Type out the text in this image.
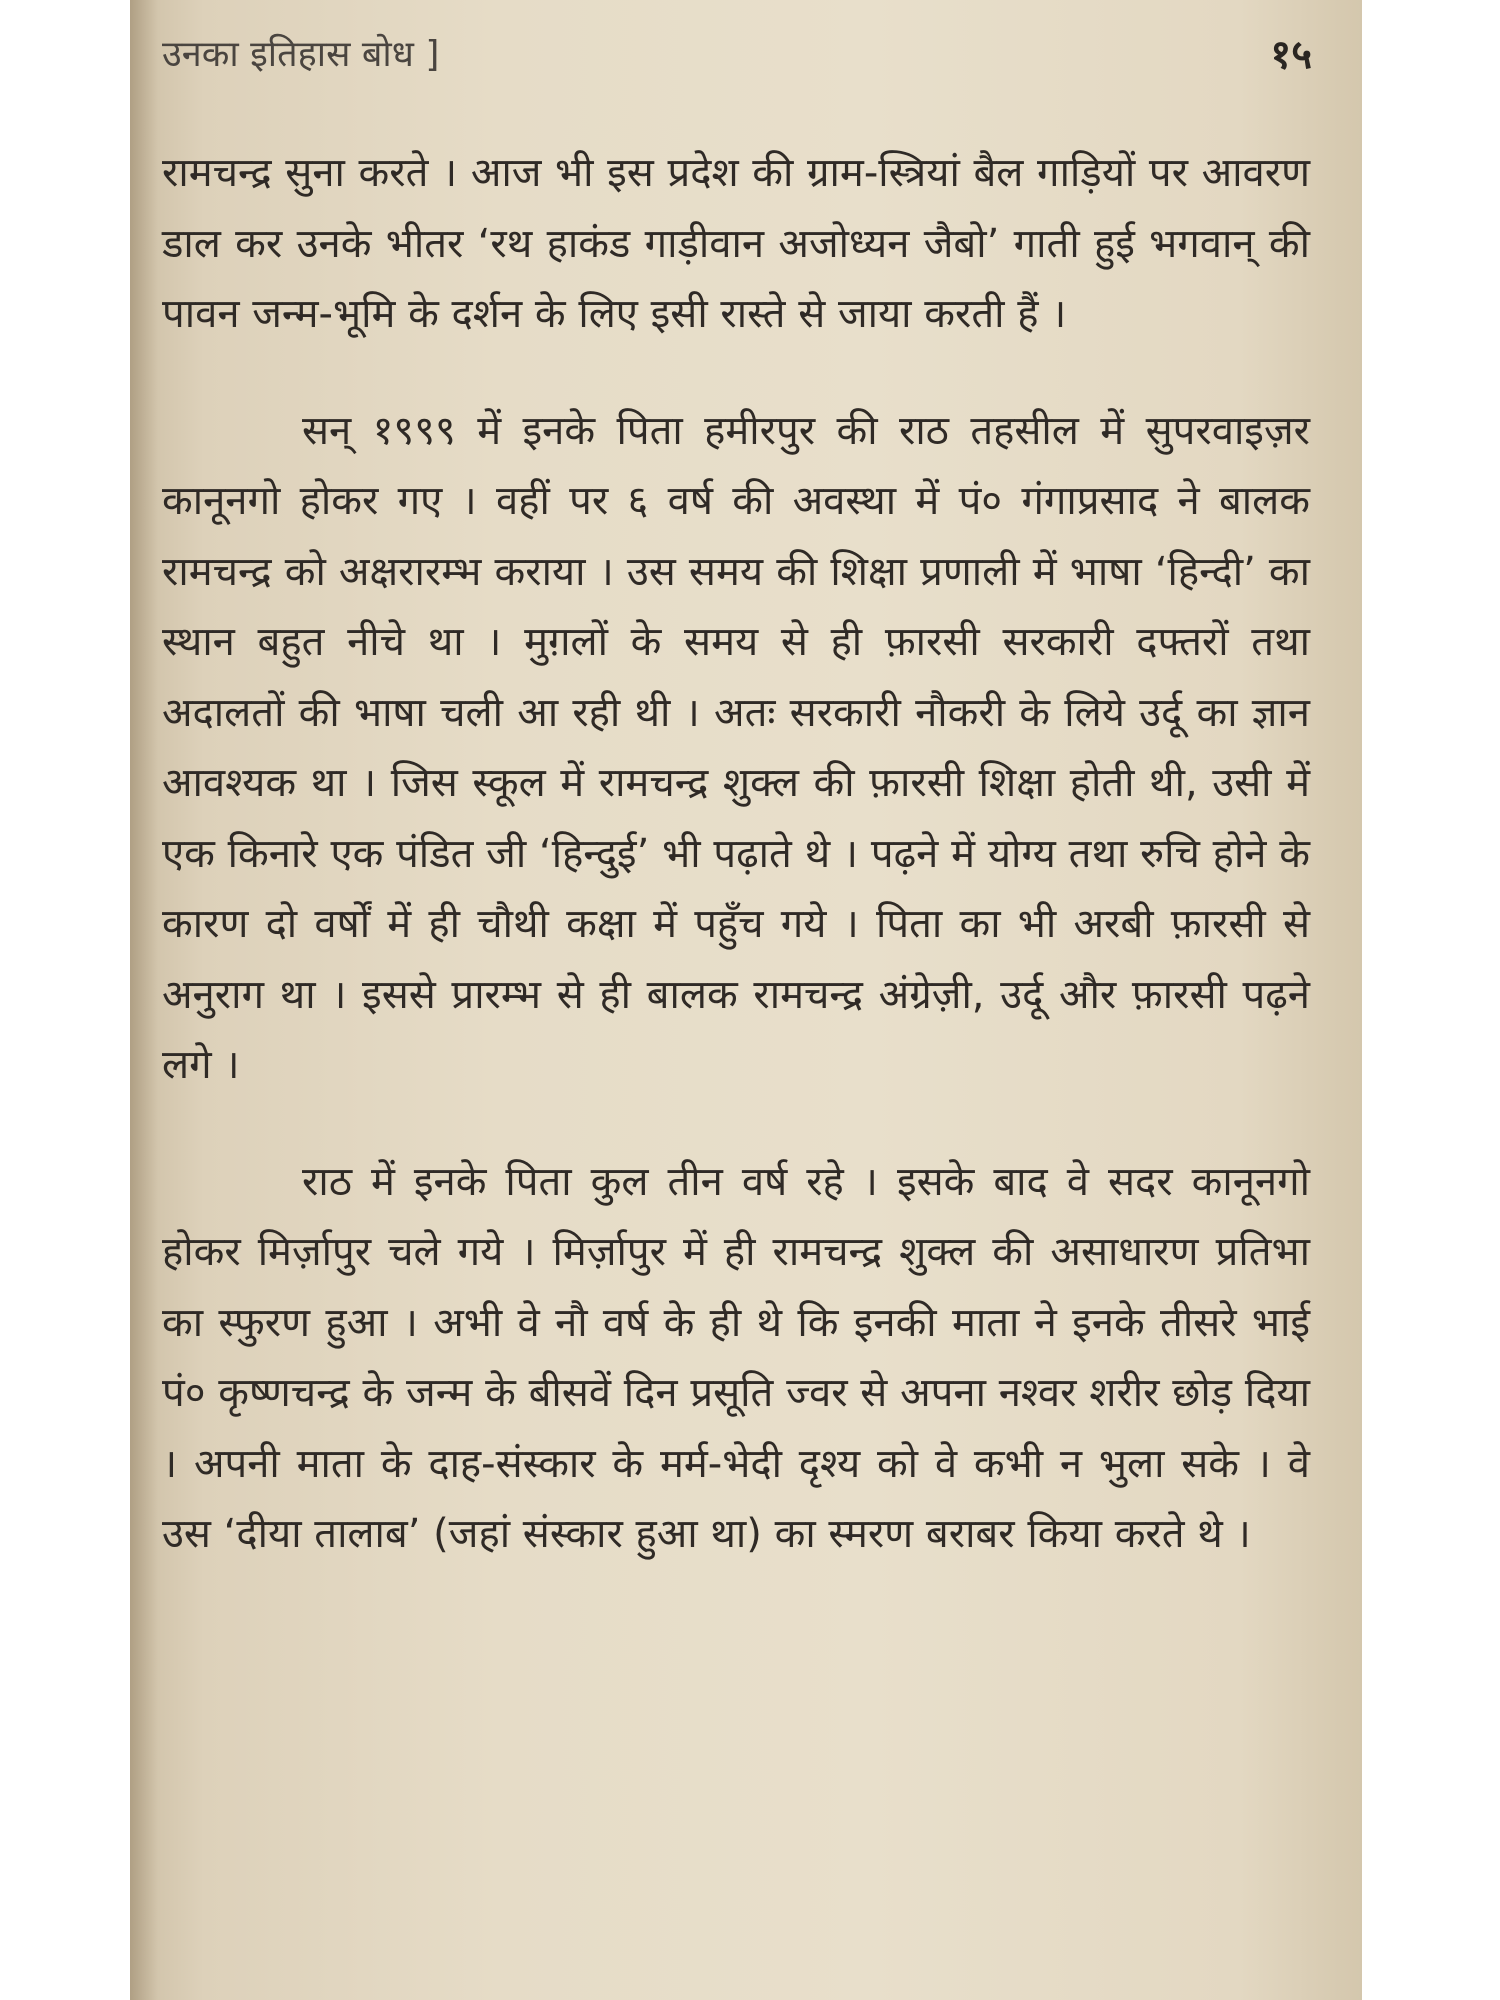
उनका इतिहास बोध ]	१५

रामचन्द्र सुना करते । आज भी इस प्रदेश की ग्राम-स्त्रियां बैल गाड़ियों पर आवरण डाल कर उनके भीतर ‘रथ हाकंड गाड़ीवान अजोध्यन जैबो’ गाती हुई भगवान् की पावन जन्म-भूमि के दर्शन के लिए इसी रास्ते से जाया करती हैं ।

सन् १९९९ में इनके पिता हमीरपुर की राठ तहसील में सुपरवाइज़र कानूनगो होकर गए । वहीं पर ६ वर्ष की अवस्था में पं० गंगाप्रसाद ने बालक रामचन्द्र को अक्षरारम्भ कराया । उस समय की शिक्षा प्रणाली में भाषा ‘हिन्दी’ का स्थान बहुत नीचे था । मुग़लों के समय से ही फ़ारसी सरकारी दफ्तरों तथा अदालतों की भाषा चली आ रही थी । अतः सरकारी नौकरी के लिये उर्दू का ज्ञान आवश्यक था । जिस स्कूल में रामचन्द्र शुक्ल की फ़ारसी शिक्षा होती थी, उसी में एक किनारे एक पंडित जी ‘हिन्दुई’ भी पढ़ाते थे । पढ़ने में योग्य तथा रुचि होने के कारण दो वर्षों में ही चौथी कक्षा में पहुँच गये । पिता का भी अरबी फ़ारसी से अनुराग था । इससे प्रारम्भ से ही बालक रामचन्द्र अंग्रेज़ी, उर्दू और फ़ारसी पढ़ने लगे ।

राठ में इनके पिता कुल तीन वर्ष रहे । इसके बाद वे सदर कानूनगो होकर मिर्ज़ापुर चले गये । मिर्ज़ापुर में ही रामचन्द्र शुक्ल की असाधारण प्रतिभा का स्फुरण हुआ । अभी वे नौ वर्ष के ही थे कि इनकी माता ने इनके तीसरे भाई पं० कृष्णचन्द्र के जन्म के बीसवें दिन प्रसूति ज्वर से अपना नश्वर शरीर छोड़ दिया । अपनी माता के दाह-संस्कार के मर्म-भेदी दृश्य को वे कभी न भुला सके । वे उस ‘दीया तालाब’ (जहां संस्कार हुआ था) का स्मरण बराबर किया करते थे ।
